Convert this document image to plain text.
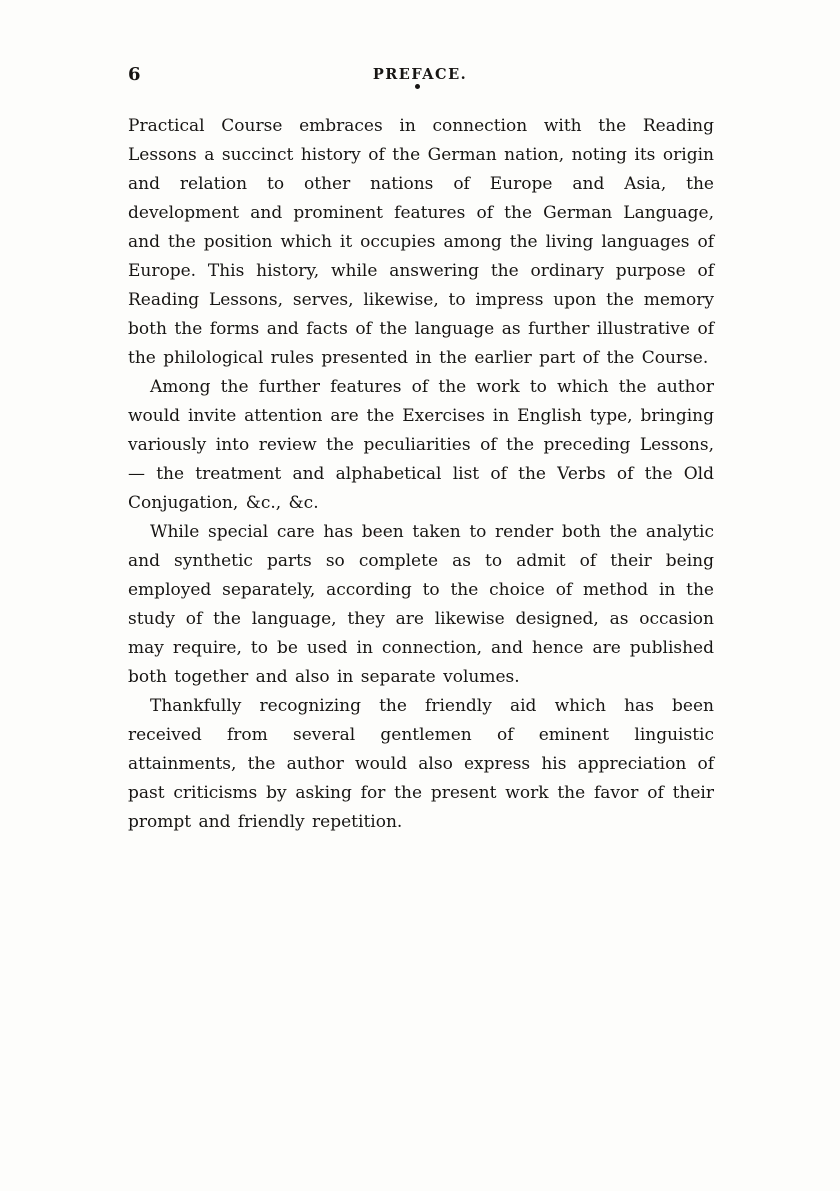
6	PREFACE.

Practical Course embraces in connection with the Reading Lessons a succinct history of the German nation, noting its origin and relation to other nations of Europe and Asia, the development and prominent features of the German Language, and the position which it occupies among the living languages of Europe. This history, while answering the ordinary purpose of Reading Lessons, serves, likewise, to impress upon the memory both the forms and facts of the language as further illustrative of the philological rules presented in the earlier part of the Course.

Among the further features of the work to which the author would invite attention are the Exercises in English type, bringing variously into review the peculiarities of the preceding Lessons, — the treatment and alphabetical list of the Verbs of the Old Conjugation, &c., &c.

While special care has been taken to render both the analytic and synthetic parts so complete as to admit of their being employed separately, according to the choice of method in the study of the language, they are likewise designed, as occasion may require, to be used in connection, and hence are published both together and also in separate volumes.

Thankfully recognizing the friendly aid which has been received from several gentlemen of eminent linguistic attainments, the author would also express his appreciation of past criticisms by asking for the present work the favor of their prompt and friendly repetition.
